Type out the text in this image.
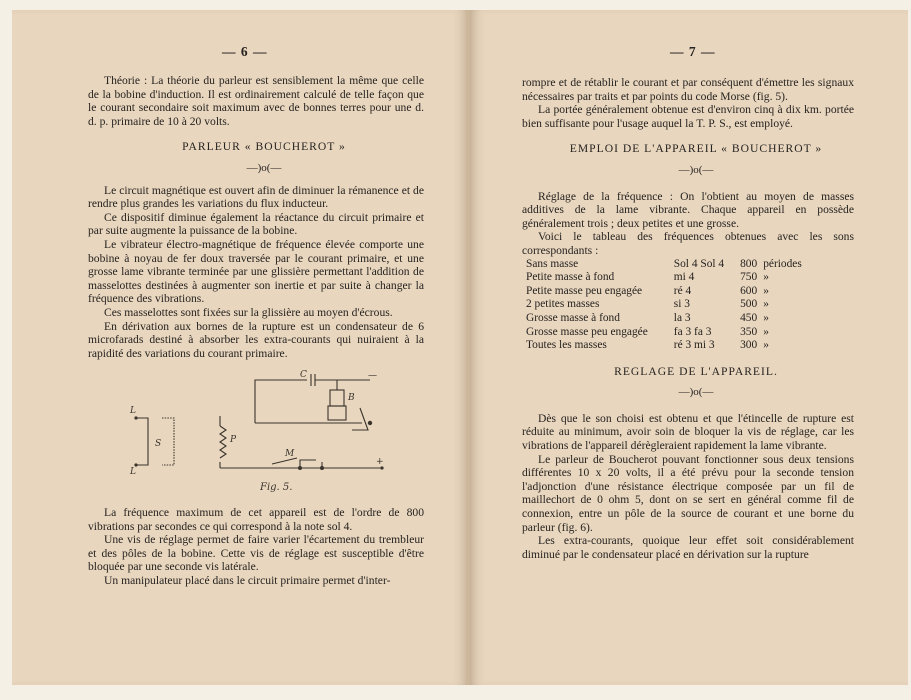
— 6 —

Théorie : La théorie du parleur est sensiblement la même que celle de la bobine d'induction. Il est ordinairement calculé de telle façon que le courant secondaire soit maximum avec de bonnes terres pour une d. d. p. primaire de 10 à 20 volts.

PARLEUR « BOUCHEROT »

—)o(—

Le circuit magnétique est ouvert afin de diminuer la rémanence et de rendre plus grandes les variations du flux inducteur.

Ce dispositif diminue également la réactance du circuit primaire et par suite augmente la puissance de la bobine.

Le vibrateur électro-magnétique de fréquence élevée comporte une bobine à noyau de fer doux traversée par le courant primaire, et une grosse lame vibrante terminée par une glissière permettant l'addition de masselottes destinées à augmenter son inertie et par suite à changer la fréquence des vibrations.

Ces masselottes sont fixées sur la glissière au moyen d'écrous.

En dérivation aux bornes de la rupture est un condensateur de 6 microfarads destiné à absorber les extra-courants qui nuiraient à la rapidité des variations du courant primaire.

L
L
S	P
M
B
C
+
—
Fig. 5.

La fréquence maximum de cet appareil est de l'ordre de 800 vibrations par secondes ce qui correspond à la note sol 4.

Une vis de réglage permet de faire varier l'écartement du trembleur et des pôles de la bobine. Cette vis de réglage est susceptible d'être bloquée par une seconde vis latérale.

Un manipulateur placé dans le circuit primaire permet d'inter-

— 7 —

rompre et de rétablir le courant et par conséquent d'émettre les signaux nécessaires par traits et par points du code Morse (fig. 5).

La portée généralement obtenue est d'environ cinq à dix km. portée bien suffisante pour l'usage auquel la T. P. S., est employé.

EMPLOI DE L'APPAREIL « BOUCHEROT »

—)o(—

Réglage de la fréquence : On l'obtient au moyen de masses additives de la lame vibrante. Chaque appareil en possède généralement trois ; deux petites et une grosse.

Voici le tableau des fréquences obtenues avec les sons correspondants :

Sans masse	Sol 4 Sol 4	800	périodes
Petite masse à fond	mi 4	750	»
Petite masse peu engagée	ré 4	600	»
2 petites masses	si 3	500	»
Grosse masse à fond	la 3	450	»
Grosse masse peu engagée	fa 3 fa 3	350	»
Toutes les masses	ré 3 mi 3	300	»

REGLAGE DE L'APPAREIL.

—)o(—

Dès que le son choisi est obtenu et que l'étincelle de rupture est réduite au minimum, avoir soin de bloquer la vis de réglage, car les vibrations de l'appareil dérègleraient rapidement la lame vibrante.

Le parleur de Boucherot pouvant fonctionner sous deux tensions différentes 10 x 20 volts, il a été prévu pour la seconde tension l'adjonction d'une résistance électrique composée par un fil de maillechort de 0 ohm 5, dont on se sert en général comme fil de connexion, entre un pôle de la source de courant et une borne du parleur (fig. 6).

Les extra-courants, quoique leur effet soit considérablement diminué par le condensateur placé en dérivation sur la rupture
